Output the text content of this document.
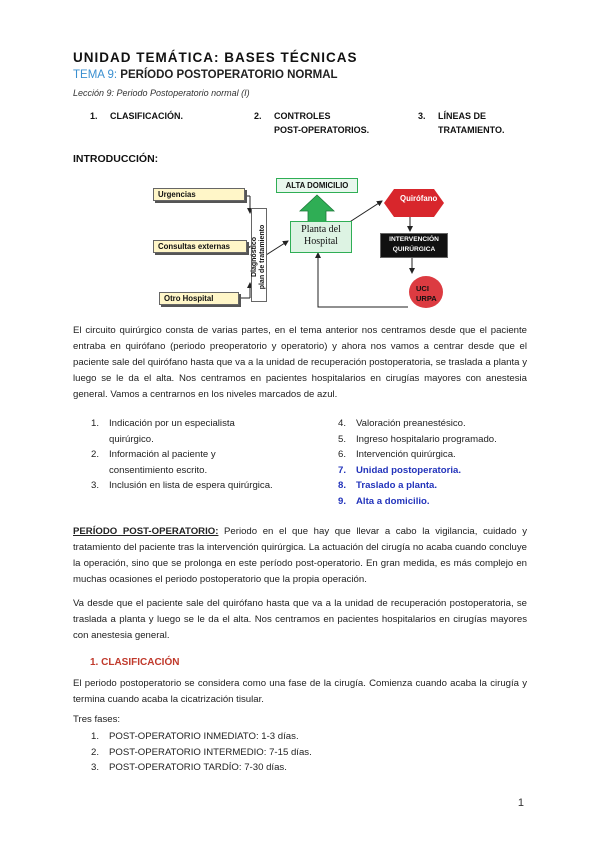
UNIDAD TEMÁTICA: BASES TÉCNICAS
TEMA 9: PERÍODO POSTOPERATORIO NORMAL
Lección 9: Periodo Postoperatorio normal (I)
1. CLASIFICACIÓN.	2. CONTROLES
POST-OPERATORIOS.
3. LÍNEAS DE
TRATAMIENTO.
INTRODUCCIÓN:
Urgencias
Consultas externas
Otro Hospital
Diagnóstico
plan de tratamiento
ALTA DOMICILIO
Planta del
Hospital
Quirófano
INTERVENCIÓN
QUIRÚRGICA
UCI
URPA
El circuito quirúrgico consta de varias partes, en el tema anterior nos centramos desde que el paciente entraba en quirófano (periodo preoperatorio y operatorio) y ahora nos vamos a centrar desde que el paciente sale del quirófano hasta que va a la unidad de recuperación postoperatoria, se traslada a planta y luego se le da el alta. Nos centramos en pacientes hospitalarios en cirugías mayores con anestesia general. Vamos a centrarnos en los niveles marcados de azul.
1. Indicación por un especialista
quirúrgico.
2. Información al paciente y
consentimiento escrito.
3. Inclusión en lista de espera quirúrgica.
4. Valoración preanestésico.
5. Ingreso hospitalario programado.
6. Intervención quirúrgica.
7. Unidad postoperatoria.
8. Traslado a planta.
9. Alta a domicilio.
PERÍODO POST-OPERATORIO: Periodo en el que hay que llevar a cabo la vigilancia, cuidado y tratamiento del paciente tras la intervención quirúrgica. La actuación del cirugía no acaba cuando concluye la operación, sino que se prolonga en este período post-operatorio. En gran medida, es más complejo en muchas ocasiones el periodo postoperatorio que la propia operación.
Va desde que el paciente sale del quirófano hasta que va a la unidad de recuperación postoperatoria, se traslada a planta y luego se le da el alta. Nos centramos en pacientes hospitalarios en cirugías mayores con anestesia general.
1. CLASIFICACIÓN
El periodo postoperatorio se considera como una fase de la cirugía. Comienza cuando acaba la cirugía y termina cuando acaba la cicatrización tisular.
Tres fases:
1. POST-OPERATORIO INMEDIATO: 1-3 días.
2. POST-OPERATORIO INTERMEDIO: 7-15 días.
3. POST-OPERATORIO TARDÍO: 7-30 días.
1
